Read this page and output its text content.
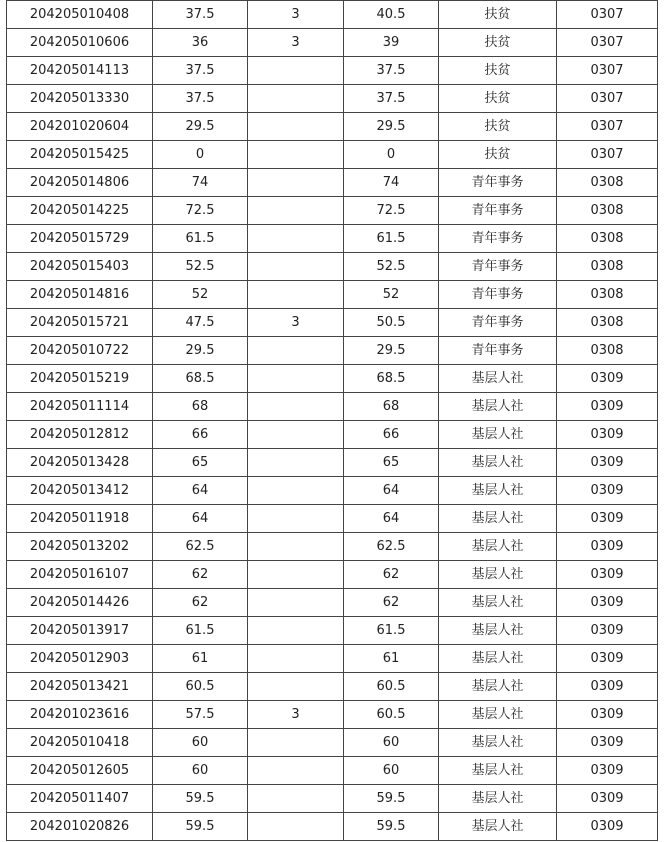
204205010408	37.5	3	40.5	扶贫	0307
204205010606	36	3	39	扶贫	0307
204205014113	37.5		37.5	扶贫	0307
204205013330	37.5		37.5	扶贫	0307
204201020604	29.5		29.5	扶贫	0307
204205015425	0		0	扶贫	0307
204205014806	74		74	青年事务	0308
204205014225	72.5		72.5	青年事务	0308
204205015729	61.5		61.5	青年事务	0308
204205015403	52.5		52.5	青年事务	0308
204205014816	52		52	青年事务	0308
204205015721	47.5	3	50.5	青年事务	0308
204205010722	29.5		29.5	青年事务	0308
204205015219	68.5		68.5	基层人社	0309
204205011114	68		68	基层人社	0309
204205012812	66		66	基层人社	0309
204205013428	65		65	基层人社	0309
204205013412	64		64	基层人社	0309
204205011918	64		64	基层人社	0309
204205013202	62.5		62.5	基层人社	0309
204205016107	62		62	基层人社	0309
204205014426	62		62	基层人社	0309
204205013917	61.5		61.5	基层人社	0309
204205012903	61		61	基层人社	0309
204205013421	60.5		60.5	基层人社	0309
204201023616	57.5	3	60.5	基层人社	0309
204205010418	60		60	基层人社	0309
204205012605	60		60	基层人社	0309
204205011407	59.5		59.5	基层人社	0309
204201020826	59.5		59.5	基层人社	0309
